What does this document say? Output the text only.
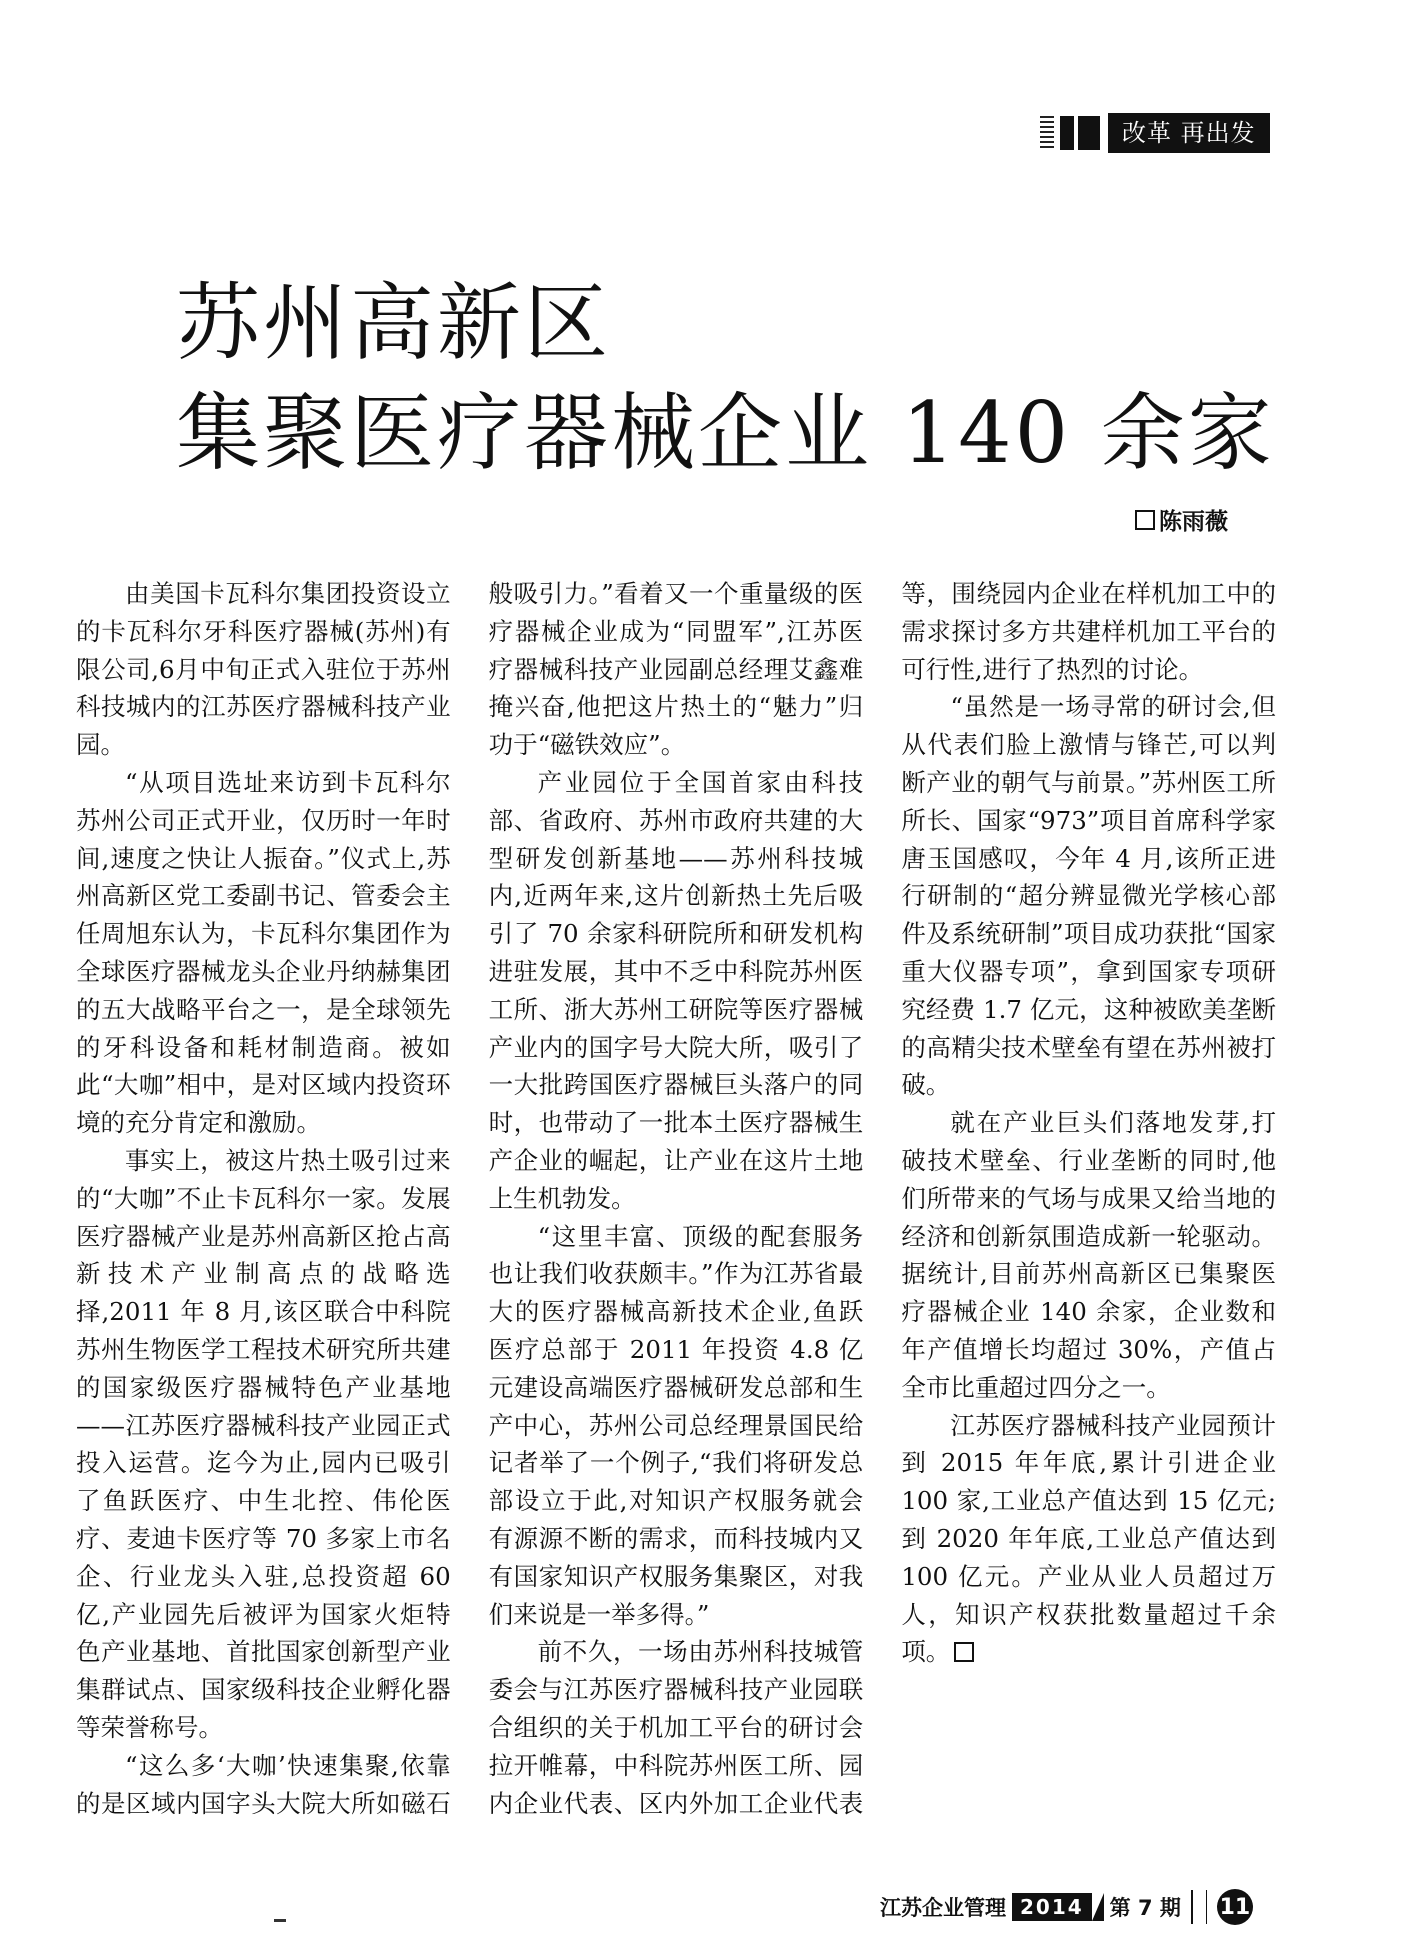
改革 再出发
苏州高新区
集聚医疗器械企业 140 余家
陈雨薇

由美国卡瓦科尔集团投资设立的卡瓦科尔牙科医疗器械(苏州)有限公司,6月中旬正式入驻位于苏州科技城内的江苏医疗器械科技产业园。

“从项目选址来访到卡瓦科尔苏州公司正式开业，仅历时一年时间,速度之快让人振奋。”仪式上,苏州高新区党工委副书记、管委会主任周旭东认为，卡瓦科尔集团作为全球医疗器械龙头企业丹纳赫集团的五大战略平台之一，是全球领先的牙科设备和耗材制造商。被如此“大咖”相中，是对区域内投资环境的充分肯定和激励。

事实上，被这片热土吸引过来的“大咖”不止卡瓦科尔一家。发展医疗器械产业是苏州高新区抢占高新技术产业制高点的战略选择,2011 年 8 月,该区联合中科院苏州生物医学工程技术研究所共建的国家级医疗器械特色产业基地——江苏医疗器械科技产业园正式投入运营。迄今为止,园内已吸引了鱼跃医疗、中生北控、伟伦医疗、麦迪卡医疗等 70 多家上市名企、行业龙头入驻,总投资超 60 亿,产业园先后被评为国家火炬特色产业基地、首批国家创新型产业集群试点、国家级科技企业孵化器等荣誉称号。

“这么多‘大咖’快速集聚,依靠的是区域内国字头大院大所如磁石般吸引力。”看着又一个重量级的医疗器械企业成为“同盟军”,江苏医疗器械科技产业园副总经理艾鑫难掩兴奋,他把这片热土的“魅力”归功于“磁铁效应”。

产业园位于全国首家由科技部、省政府、苏州市政府共建的大型研发创新基地——苏州科技城内,近两年来,这片创新热土先后吸引了 70 余家科研院所和研发机构进驻发展，其中不乏中科院苏州医工所、浙大苏州工研院等医疗器械产业内的国字号大院大所，吸引了一大批跨国医疗器械巨头落户的同时，也带动了一批本土医疗器械生产企业的崛起，让产业在这片土地上生机勃发。

“这里丰富、顶级的配套服务也让我们收获颇丰。”作为江苏省最大的医疗器械高新技术企业,鱼跃医疗总部于 2011 年投资 4.8 亿元建设高端医疗器械研发总部和生产中心，苏州公司总经理景国民给记者举了一个例子,“我们将研发总部设立于此,对知识产权服务就会有源源不断的需求，而科技城内又有国家知识产权服务集聚区，对我们来说是一举多得。”

前不久，一场由苏州科技城管委会与江苏医疗器械科技产业园联合组织的关于机加工平台的研讨会拉开帷幕，中科院苏州医工所、园内企业代表、区内外加工企业代表等，围绕园内企业在样机加工中的需求探讨多方共建样机加工平台的可行性,进行了热烈的讨论。

“虽然是一场寻常的研讨会,但从代表们脸上激情与锋芒,可以判断产业的朝气与前景。”苏州医工所所长、国家“973”项目首席科学家唐玉国感叹，今年 4 月,该所正进行研制的“超分辨显微光学核心部件及系统研制”项目成功获批“国家重大仪器专项”，拿到国家专项研究经费 1.7 亿元，这种被欧美垄断的高精尖技术壁垒有望在苏州被打破。

就在产业巨头们落地发芽,打破技术壁垒、行业垄断的同时,他们所带来的气场与成果又给当地的经济和创新氛围造成新一轮驱动。据统计,目前苏州高新区已集聚医疗器械企业 140 余家，企业数和年产值增长均超过 30%，产值占全市比重超过四分之一。

江苏医疗器械科技产业园预计到 2015 年年底,累计引进企业 100 家,工业总产值达到 15 亿元;到 2020 年年底,工业总产值达到 100 亿元。产业从业人员超过万人，知识产权获批数量超过千余项。

江苏企业管理 2014	第 7 期 11
